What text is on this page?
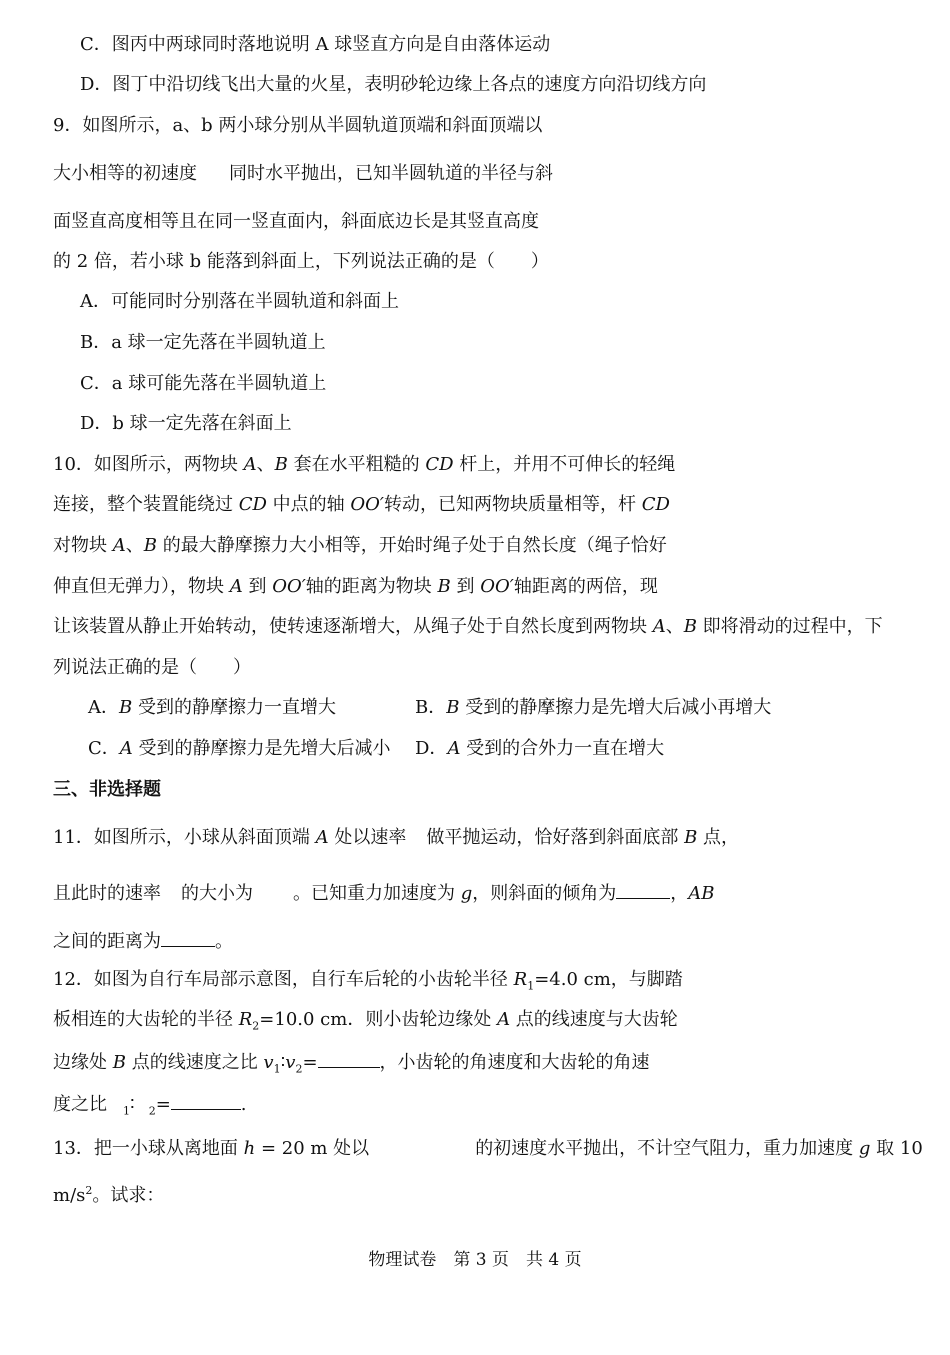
C．图丙中两球同时落地说明 A 球竖直方向是自由落体运动
D．图丁中沿切线飞出大量的火星，表明砂轮边缘上各点的速度方向沿切线方向
9．如图所示，a、b 两小球分别从半圆轨道顶端和斜面顶端以
大小相等的初速度 同时水平抛出，已知半圆轨道的半径与斜
面竖直高度相等且在同一竖直面内，斜面底边长是其竖直高度
的 2 倍，若小球 b 能落到斜面上，下列说法正确的是（　　）
A．可能同时分别落在半圆轨道和斜面上
B．a 球一定先落在半圆轨道上
C．a 球可能先落在半圆轨道上
D．b 球一定先落在斜面上
10．如图所示，两物块 A、B 套在水平粗糙的 CD 杆上，并用不可伸长的轻绳
连接，整个装置能绕过 CD 中点的轴 OO′转动，已知两物块质量相等，杆 CD
对物块 A、B 的最大静摩擦力大小相等，开始时绳子处于自然长度（绳子恰好
伸直但无弹力），物块 A 到 OO′轴的距离为物块 B 到 OO′轴距离的两倍，现
让该装置从静止开始转动，使转速逐渐增大，从绳子处于自然长度到两物块 A、B 即将滑动的过程中，下
列说法正确的是（　　）
A．B 受到的静摩擦力一直增大	B．B 受到的静摩擦力是先增大后减小再增大
C．A 受到的静摩擦力是先增大后减小 D．A 受到的合外力一直在增大
三、非选择题
11．如图所示，小球从斜面顶端 A 处以速率 做平抛运动，恰好落到斜面底部 B 点，
且此时的速率 的大小为 。已知重力加速度为 g，则斜面的倾角为	，AB
之间的距离为	。
12．如图为自行车局部示意图，自行车后轮的小齿轮半径 $R_1=4.0$ cm，与脚踏
板相连的大齿轮的半径 $R_2=10.0$ cm．则小齿轮边缘处 A 点的线速度与大齿轮
边缘处 B 点的线速度之比 $v_1∶v_2=$	，小齿轮的角速度和大齿轮的角速
度之比 $_1$∶ $_2$=	.
13．把一小球从离地面 h = 20 m 处以	的初速度水平抛出，不计空气阻力，重力加速度 g 取 10
$m/s^2$。试求：
物理试卷　第 3 页　共 4 页
